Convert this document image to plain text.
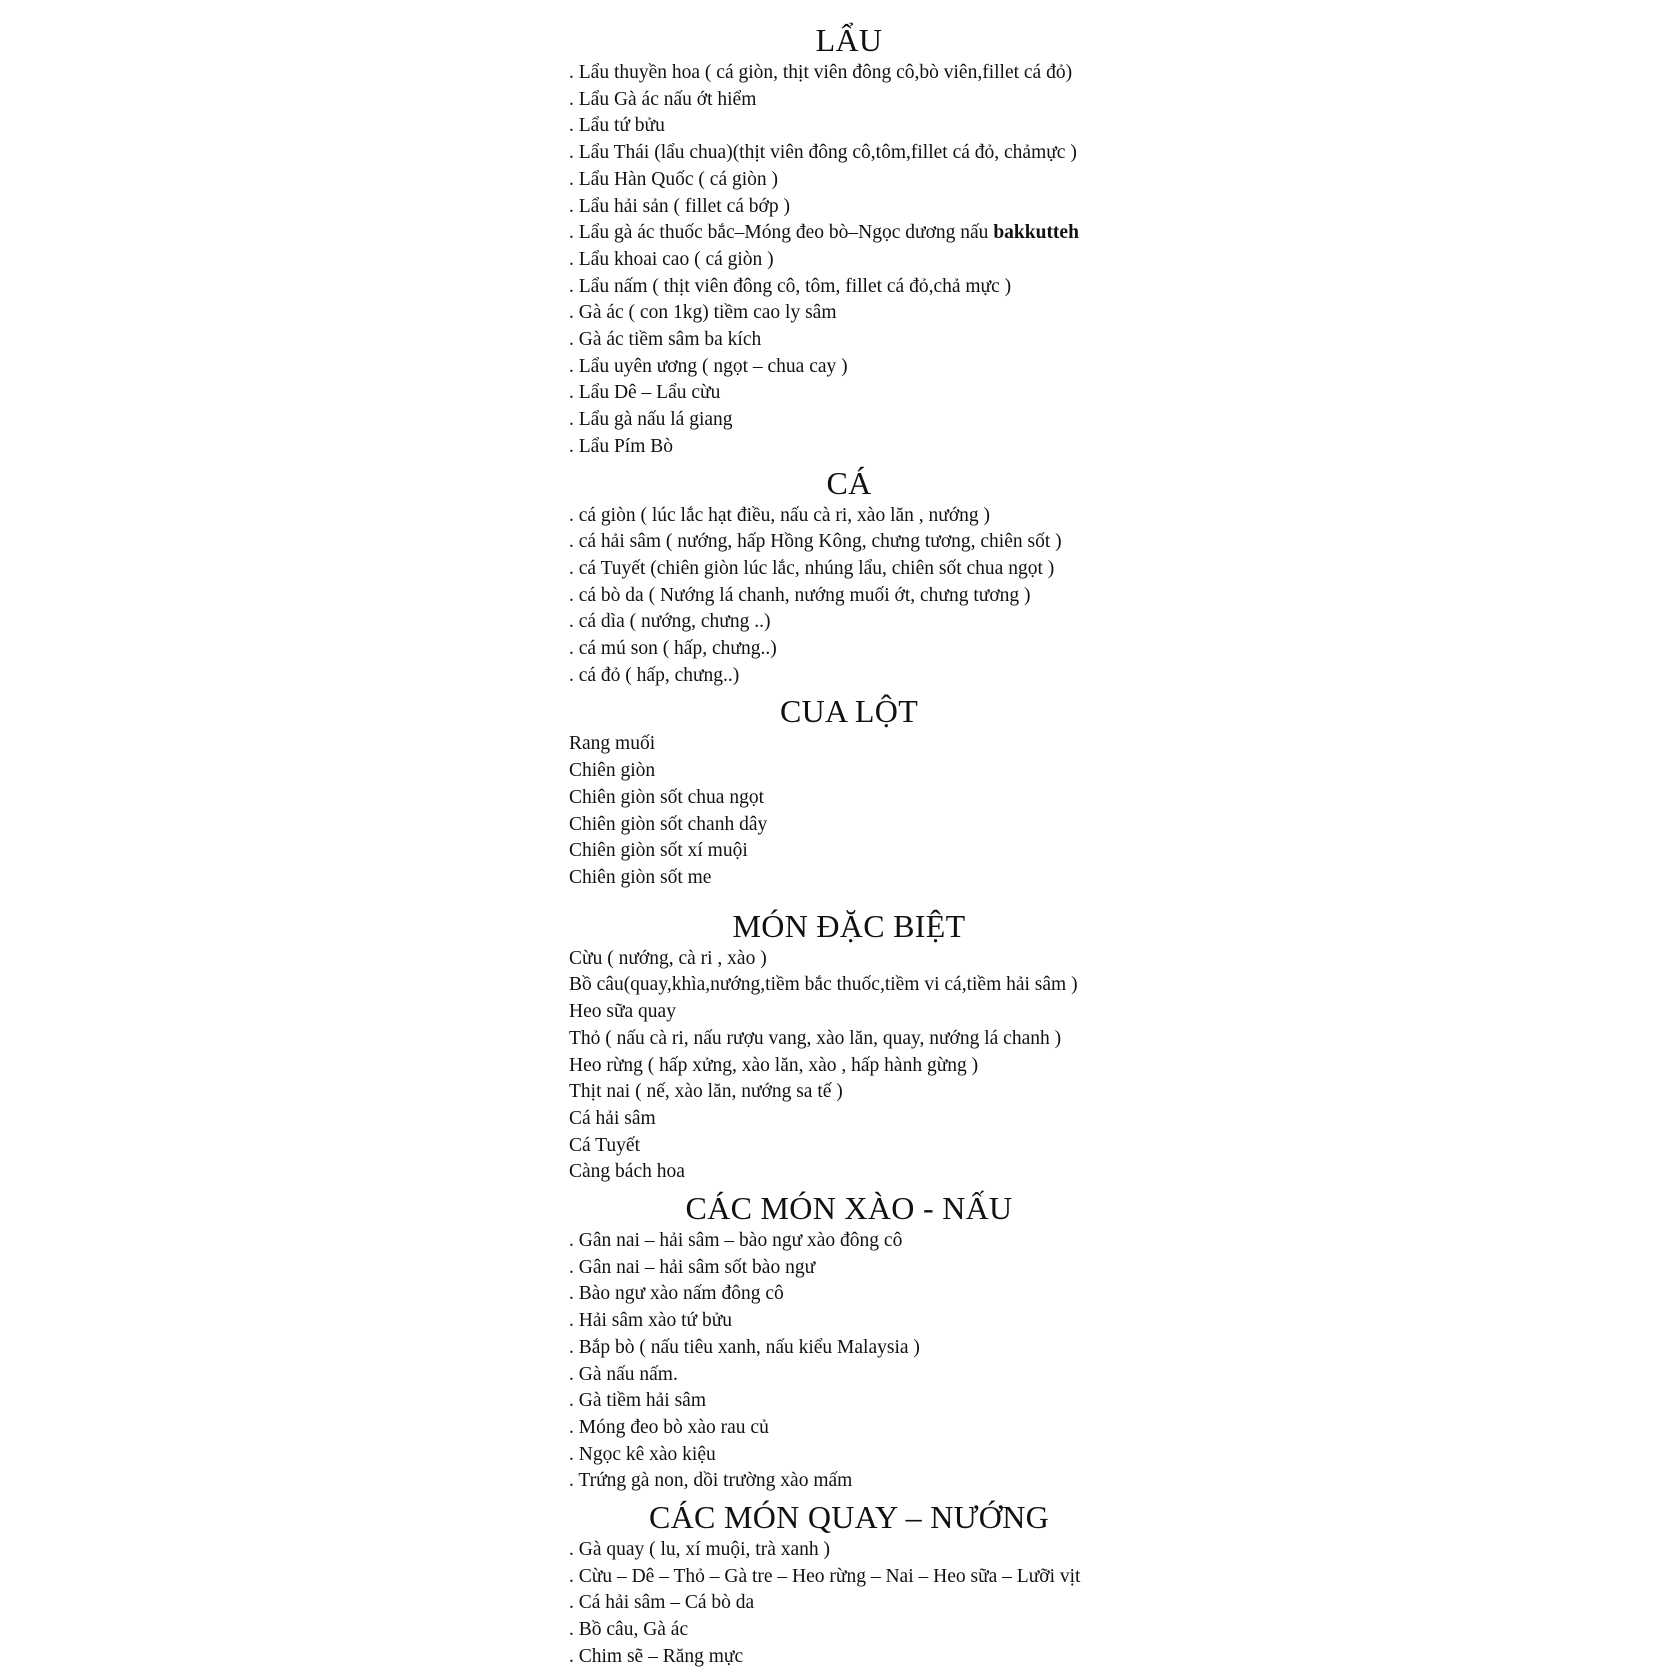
LẨU
. Lẩu thuyền hoa ( cá giòn, thịt viên đông cô,bò viên,fillet cá đỏ)
. Lẩu Gà ác nấu ớt hiểm
. Lẩu tứ bửu
. Lẩu Thái (lẩu chua)(thịt viên đông cô,tôm,fillet cá đỏ, chảmực )
. Lẩu Hàn Quốc ( cá giòn )
. Lẩu hải sản ( fillet cá bớp )
. Lẩu gà ác thuốc bắc–Móng đeo bò–Ngọc dương nấu bakkutteh
. Lẩu khoai cao ( cá giòn )
. Lẩu nấm ( thịt viên đông cô, tôm, fillet cá đỏ,chả mực )
. Gà ác ( con 1kg) tiềm cao ly sâm
. Gà ác tiềm sâm ba kích
. Lẩu uyên ương ( ngọt – chua cay )
. Lẩu Dê – Lẩu cừu
. Lẩu gà nấu lá giang
. Lẩu Pím Bò
CÁ
. cá giòn ( lúc lắc hạt điều, nấu cà ri, xào lăn , nướng )
. cá hải sâm ( nướng, hấp Hồng Kông, chưng tương, chiên sốt )
. cá Tuyết (chiên giòn lúc lắc, nhúng lẩu, chiên sốt chua ngọt )
. cá bò da ( Nướng lá chanh, nướng muối ớt, chưng tương )
. cá dìa ( nướng, chưng ..)
. cá mú son ( hấp, chưng..)
. cá đỏ ( hấp, chưng..)
CUA LỘT
Rang muối
Chiên giòn
Chiên giòn sốt chua ngọt
Chiên giòn sốt chanh dây
Chiên giòn sốt xí muội
Chiên giòn sốt me
MÓN ĐẶC BIỆT
Cừu ( nướng, cà ri , xào )
Bồ câu(quay,khìa,nướng,tiềm bắc thuốc,tiềm vi cá,tiềm hải sâm )
Heo sữa quay
Thỏ ( nấu cà ri, nấu rượu vang, xào lăn, quay, nướng lá chanh )
Heo rừng ( hấp xửng, xào lăn, xào , hấp hành gừng )
Thịt nai ( nế, xào lăn, nướng sa tế )
Cá hải sâm
Cá Tuyết
Càng bách hoa
CÁC MÓN XÀO - NẤU
. Gân nai – hải sâm – bào ngư xào đông cô
. Gân nai – hải sâm sốt bào ngư
. Bào ngư xào nấm đông cô
. Hải sâm xào tứ bửu
. Bắp bò ( nấu tiêu xanh, nấu kiểu Malaysia )
. Gà nấu nấm.
. Gà tiềm hải sâm
. Móng đeo bò xào rau củ
. Ngọc kê xào kiệu
. Trứng gà non, dồi trường xào mấm
CÁC MÓN QUAY – NƯỚNG
. Gà quay ( lu, xí muội, trà xanh )
. Cừu – Dê – Thỏ – Gà tre – Heo rừng – Nai – Heo sữa – Lưỡi vịt
. Cá hải sâm – Cá bò da
. Bồ câu, Gà ác
. Chim sẽ – Răng mực
